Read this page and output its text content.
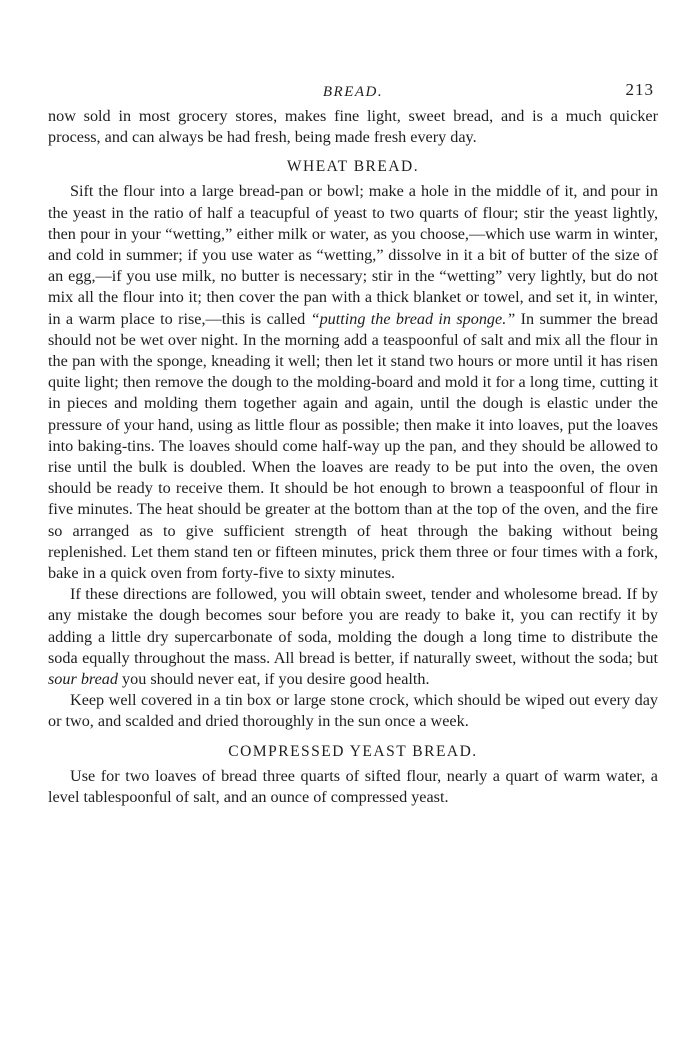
BREAD.	213

now sold in most grocery stores, makes fine light, sweet bread, and is a much quicker process, and can always be had fresh, being made fresh every day.

WHEAT BREAD.

Sift the flour into a large bread-pan or bowl; make a hole in the middle of it, and pour in the yeast in the ratio of half a teacupful of yeast to two quarts of flour; stir the yeast lightly, then pour in your “wetting,” either milk or water, as you choose,—which use warm in winter, and cold in summer; if you use water as “wetting,” dissolve in it a bit of butter of the size of an egg,—if you use milk, no butter is necessary; stir in the “wetting” very lightly, but do not mix all the flour into it; then cover the pan with a thick blanket or towel, and set it, in winter, in a warm place to rise,—this is called “putting the bread in sponge.” In summer the bread should not be wet over night. In the morning add a teaspoonful of salt and mix all the flour in the pan with the sponge, kneading it well; then let it stand two hours or more until it has risen quite light; then remove the dough to the molding-board and mold it for a long time, cutting it in pieces and molding them together again and again, until the dough is elastic under the pressure of your hand, using as little flour as possible; then make it into loaves, put the loaves into baking-tins. The loaves should come half-way up the pan, and they should be allowed to rise until the bulk is doubled. When the loaves are ready to be put into the oven, the oven should be ready to receive them. It should be hot enough to brown a teaspoonful of flour in five minutes. The heat should be greater at the bottom than at the top of the oven, and the fire so arranged as to give sufficient strength of heat through the baking without being replenished. Let them stand ten or fifteen minutes, prick them three or four times with a fork, bake in a quick oven from forty-five to sixty minutes.

If these directions are followed, you will obtain sweet, tender and wholesome bread. If by any mistake the dough becomes sour before you are ready to bake it, you can rectify it by adding a little dry supercarbonate of soda, molding the dough a long time to distribute the soda equally throughout the mass. All bread is better, if naturally sweet, without the soda; but sour bread you should never eat, if you desire good health.

Keep well covered in a tin box or large stone crock, which should be wiped out every day or two, and scalded and dried thoroughly in the sun once a week.

COMPRESSED YEAST BREAD.

Use for two loaves of bread three quarts of sifted flour, nearly a quart of warm water, a level tablespoonful of salt, and an ounce of compressed yeast.
